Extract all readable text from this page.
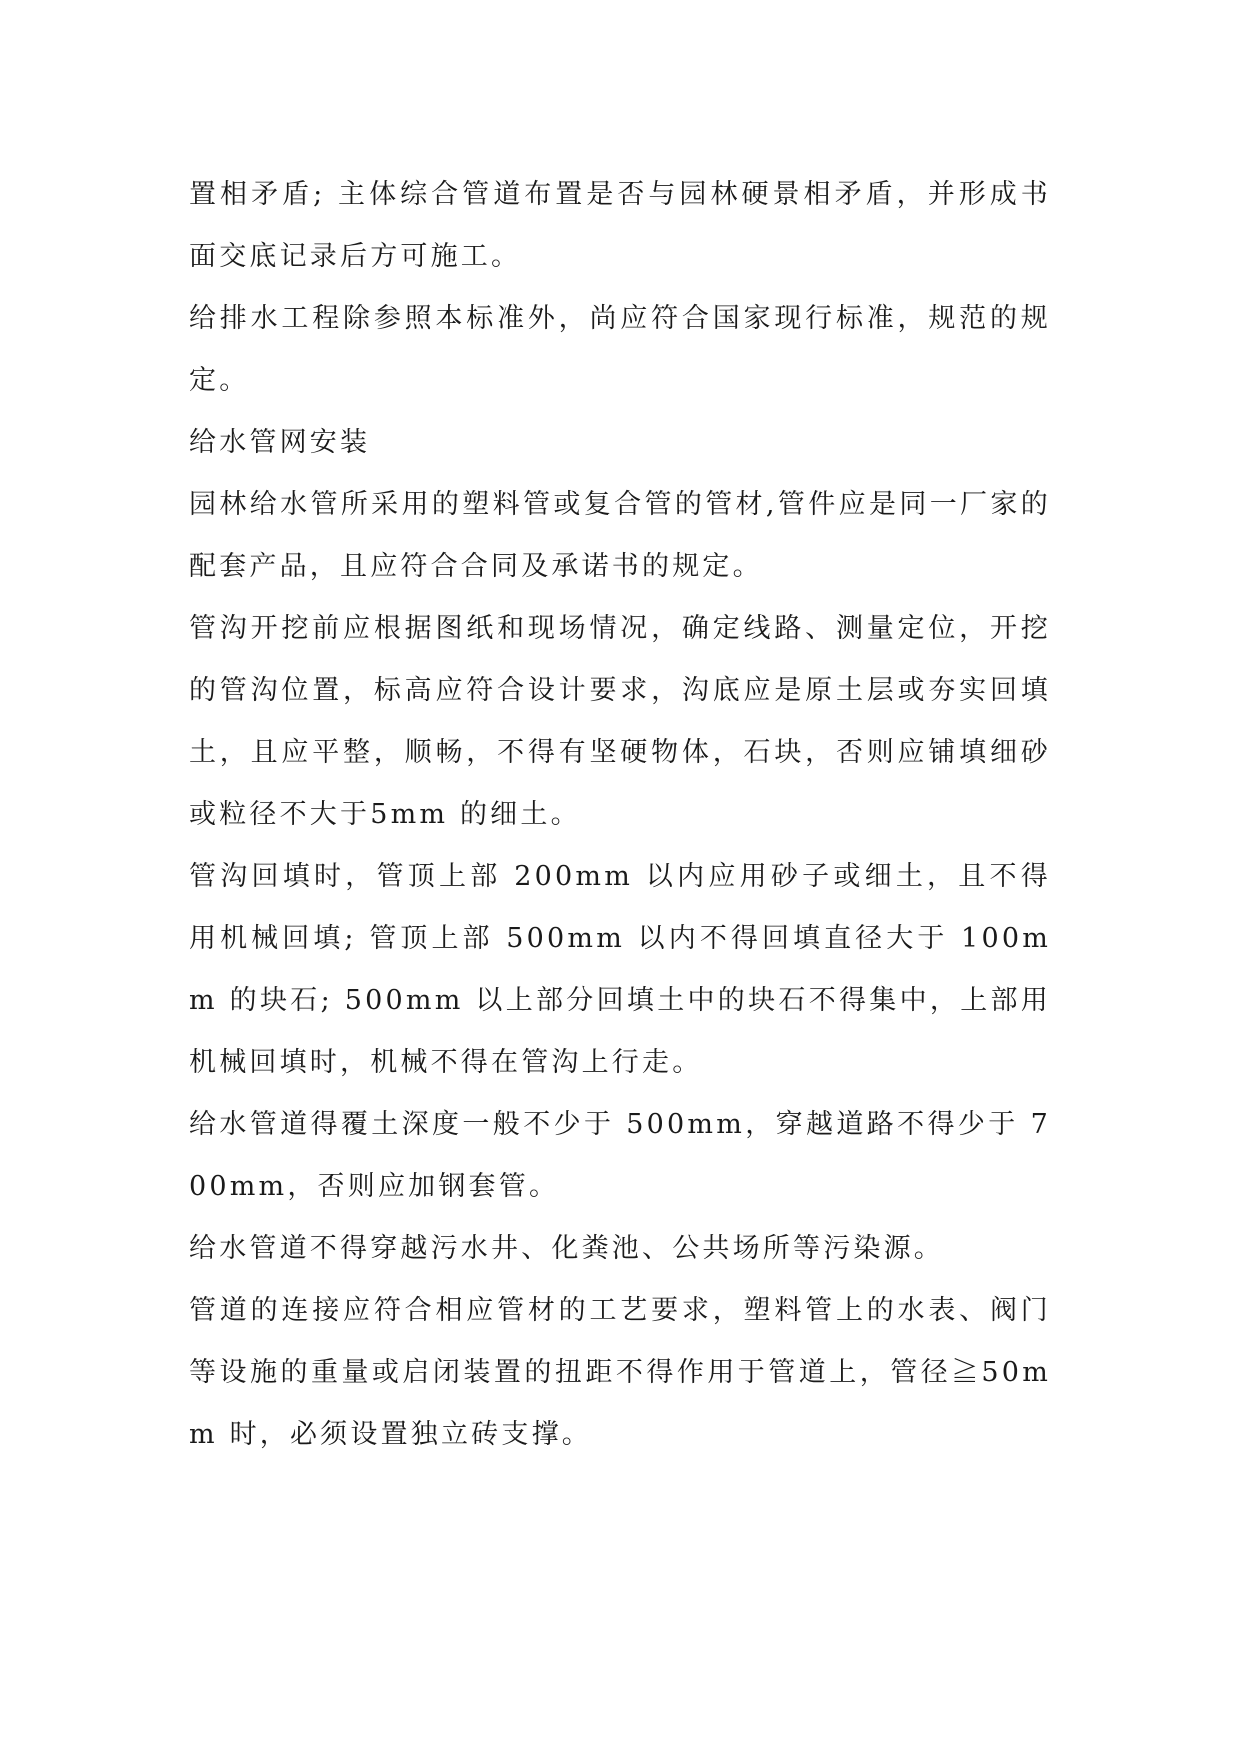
置相矛盾; 主体综合管道布置是否与园林硬景相矛盾，并形成书面交底记录后方可施工。

给排水工程除参照本标准外，尚应符合国家现行标准，规范的规定。

给水管网安装

园林给水管所采用的塑料管或复合管的管材,管件应是同一厂家的配套产品，且应符合合同及承诺书的规定。

管沟开挖前应根据图纸和现场情况，确定线路、测量定位，开挖的管沟位置，标高应符合设计要求，沟底应是原土层或夯实回填土，且应平整，顺畅，不得有坚硬物体，石块，否则应铺填细砂或粒径不大于5mm 的细土。

管沟回填时，管顶上部 200mm 以内应用砂子或细土，且不得用机械回填; 管顶上部 500mm 以内不得回填直径大于 100mm 的块石; 500mm 以上部分回填土中的块石不得集中，上部用机械回填时，机械不得在管沟上行走。

给水管道得覆土深度一般不少于 500mm，穿越道路不得少于 700mm，否则应加钢套管。

给水管道不得穿越污水井、化粪池、公共场所等污染源。

管道的连接应符合相应管材的工艺要求，塑料管上的水表、阀门等设施的重量或启闭装置的扭距不得作用于管道上，管径≧50mm 时，必须设置独立砖支撑。
